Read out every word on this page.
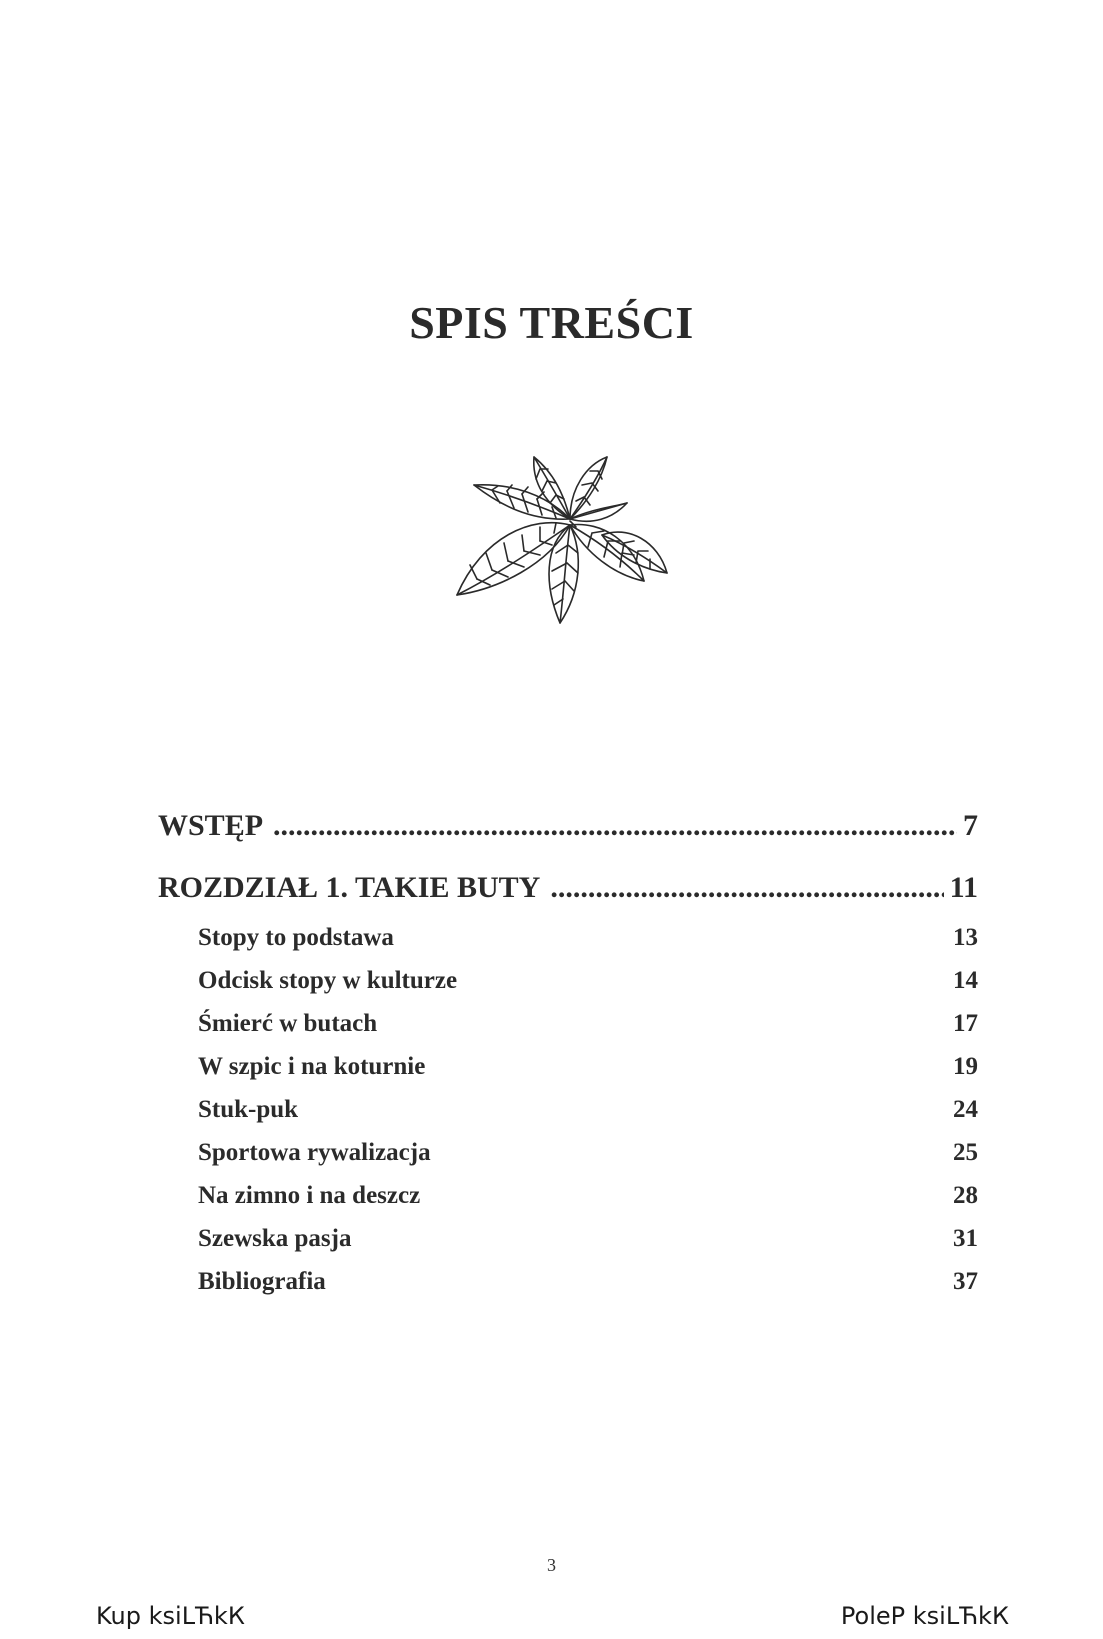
SPIS TREŚCI
WSTĘP .....	7
ROZDZIAŁ 1. TAKIE BUTY .....	11
Stopy to podstawa	13
Odcisk stopy w kulturze	14
Śmierć w butach	17
W szpic i na koturnie	19
Stuk-puk	24
Sportowa rywalizacja	25
Na zimno i na deszcz	28
Szewska pasja	31
Bibliografia	37
3
Kup ksiLЋkК	PoleР ksiLЋkК
